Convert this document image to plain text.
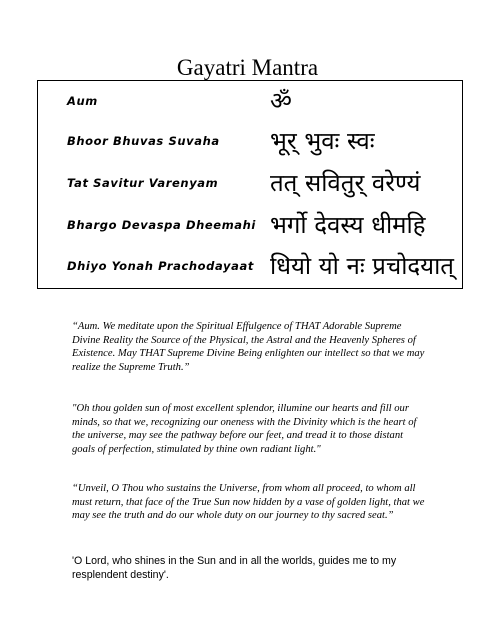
Gayatri Mantra
Aum	ॐ
Bhoor Bhuvas Suvaha भूर् भुवः स्वः
Tat Savitur Varenyam तत् सवितुर् वरेण्यं
Bhargo Devaspa Dheemahi भर्गो देवस्य धीमहि
Dhiyo Yonah Prachodayaat धियो यो नः प्रचोदयात्

“Aum. We meditate upon the Spiritual Effulgence of THAT Adorable Supreme Divine Reality the Source of the Physical, the Astral and the Heavenly Spheres of Existence. May THAT Supreme Divine Being enlighten our intellect so that we may realize the Supreme Truth.”

"Oh thou golden sun of most excellent splendor, illumine our hearts and fill our minds, so that we, recognizing our oneness with the Divinity which is the heart of the universe, may see the pathway before our feet, and tread it to those distant goals of perfection, stimulated by thine own radiant light."

“Unveil, O Thou who sustains the Universe, from whom all proceed, to whom all must return, that face of the True Sun now hidden by a vase of golden light, that we may see the truth and do our whole duty on our journey to thy sacred seat.”

'O Lord, who shines in the Sun and in all the worlds, guides me to my resplendent destiny'.
